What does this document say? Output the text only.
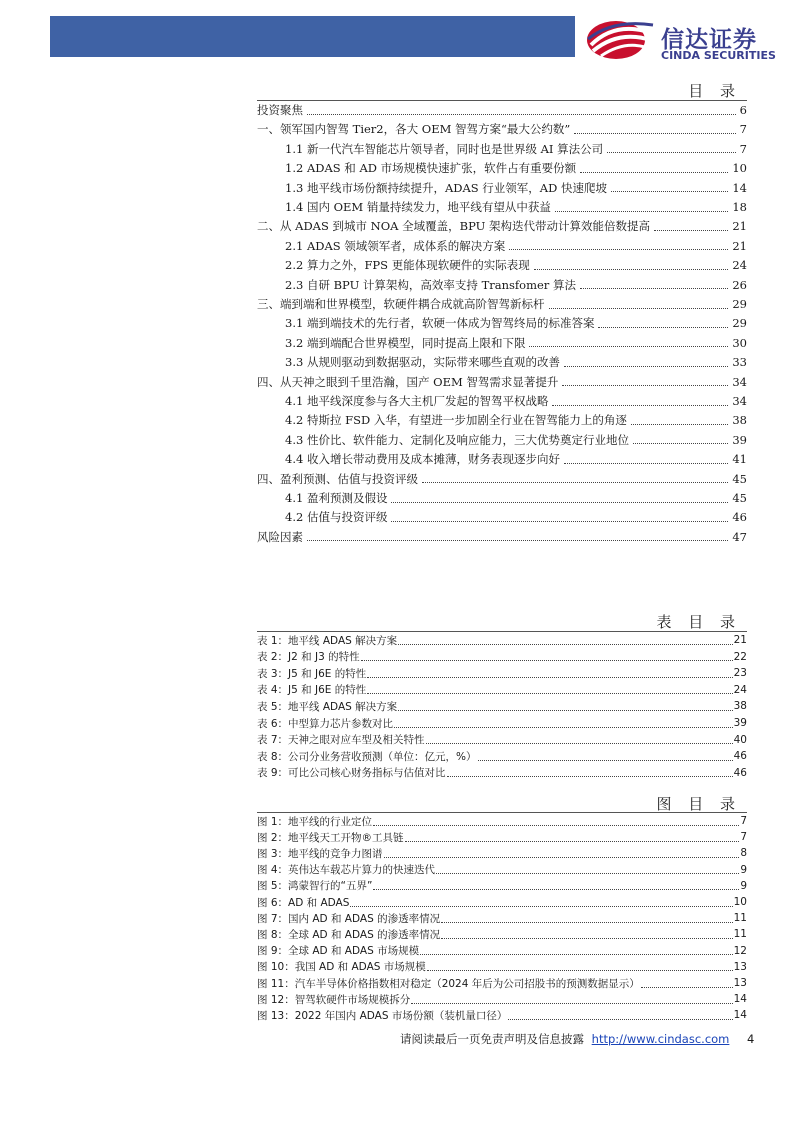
信达证券
CINDA SECURITIES
目 录
投资聚焦	6
一、领军国内智驾 Tier2，各大 OEM 智驾方案“最大公约数”	7
1.1 新一代汽车智能芯片领导者，同时也是世界级 AI 算法公司	7
1.2 ADAS 和 AD 市场规模快速扩张，软件占有重要份额	10
1.3 地平线市场份额持续提升，ADAS 行业领军，AD 快速爬坡	14
1.4 国内 OEM 销量持续发力，地平线有望从中获益	18
二、从 ADAS 到城市 NOA 全域覆盖，BPU 架构迭代带动计算效能倍数提高	21
2.1 ADAS 领域领军者，成体系的解决方案	21
2.2 算力之外，FPS 更能体现软硬件的实际表现	24
2.3 自研 BPU 计算架构，高效率支持 Transfomer 算法	26
三、端到端和世界模型，软硬件耦合成就高阶智驾新标杆	29
3.1 端到端技术的先行者，软硬一体成为智驾终局的标准答案	29
3.2 端到端配合世界模型，同时提高上限和下限	30
3.3 从规则驱动到数据驱动，实际带来哪些直观的改善	33
四、从天神之眼到千里浩瀚，国产 OEM 智驾需求显著提升	34
4.1 地平线深度参与各大主机厂发起的智驾平权战略	34
4.2 特斯拉 FSD 入华，有望进一步加剧全行业在智驾能力上的角逐	38
4.3 性价比、软件能力、定制化及响应能力，三大优势奠定行业地位	39
4.4 收入增长带动费用及成本摊薄，财务表现逐步向好	41
四、盈利预测、估值与投资评级	45
4.1 盈利预测及假设	45
4.2 估值与投资评级	46
风险因素	47
表 目 录
表 1：地平线 ADAS 解决方案	21
表 2：J2 和 J3 的特性	22
表 3：J5 和 J6E 的特性	23
表 4：J5 和 J6E 的特性	24
表 5：地平线 ADAS 解决方案	38
表 6：中型算力芯片参数对比	39
表 7：天神之眼对应车型及相关特性	40
表 8：公司分业务营收预测（单位：亿元，%）	46
表 9：可比公司核心财务指标与估值对比	46
图 目 录
图 1：地平线的行业定位	7
图 2：地平线天工开物®工具链	7
图 3：地平线的竞争力图谱	8
图 4：英伟达车载芯片算力的快速迭代	9
图 5：鸿蒙智行的“五界”	9
图 6：AD 和 ADAS	10
图 7：国内 AD 和 ADAS 的渗透率情况	11
图 8：全球 AD 和 ADAS 的渗透率情况	11
图 9：全球 AD 和 ADAS 市场规模	12
图 10：我国 AD 和 ADAS 市场规模	13
图 11：汽车半导体价格指数相对稳定（2024 年后为公司招股书的预测数据显示）	13
图 12：智驾软硬件市场规模拆分	14
图 13：2022 年国内 ADAS 市场份额（装机量口径）	14
请阅读最后一页免责声明及信息披露 http://www.cindasc.com 4
